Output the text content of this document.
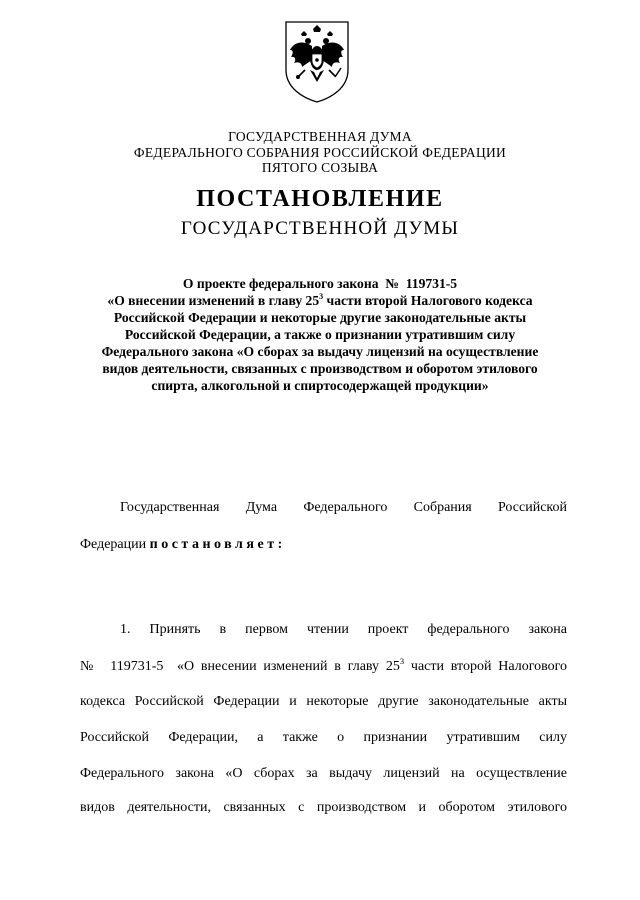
ГОСУДАРСТВЕННАЯ ДУМА
ФЕДЕРАЛЬНОГО СОБРАНИЯ РОССИЙСКОЙ ФЕДЕРАЦИИ
ПЯТОГО СОЗЫВА
ПОСТАНОВЛЕНИЕ
ГОСУДАРСТВЕННОЙ ДУМЫ
О проекте федерального закона  №  119731-5
«О внесении изменений в главу $25^3$ части второй Налогового кодекса
Российской Федерации и некоторые другие законодательные акты
Российской Федерации, а также о признании утратившим силу
Федерального закона «О сборах за выдачу лицензий на осуществление
видов деятельности, связанных с производством и оборотом этилового
спирта, алкогольной и спиртосодержащей продукции»
Государственная   Дума   Федерального   Собрания   Российской
Федерации постановляет:
1.  Принять  в  первом  чтении  проект  федерального  закона
№  119731-5  «О внесении изменений в главу $25^3$ части второй Налогового
кодекса Российской Федерации и некоторые другие законодательные акты
Российской  Федерации,  а  также  о  признании  утратившим  силу
Федерального закона «О сборах за выдачу лицензий на осуществление
видов деятельности, связанных с производством и оборотом этилового
